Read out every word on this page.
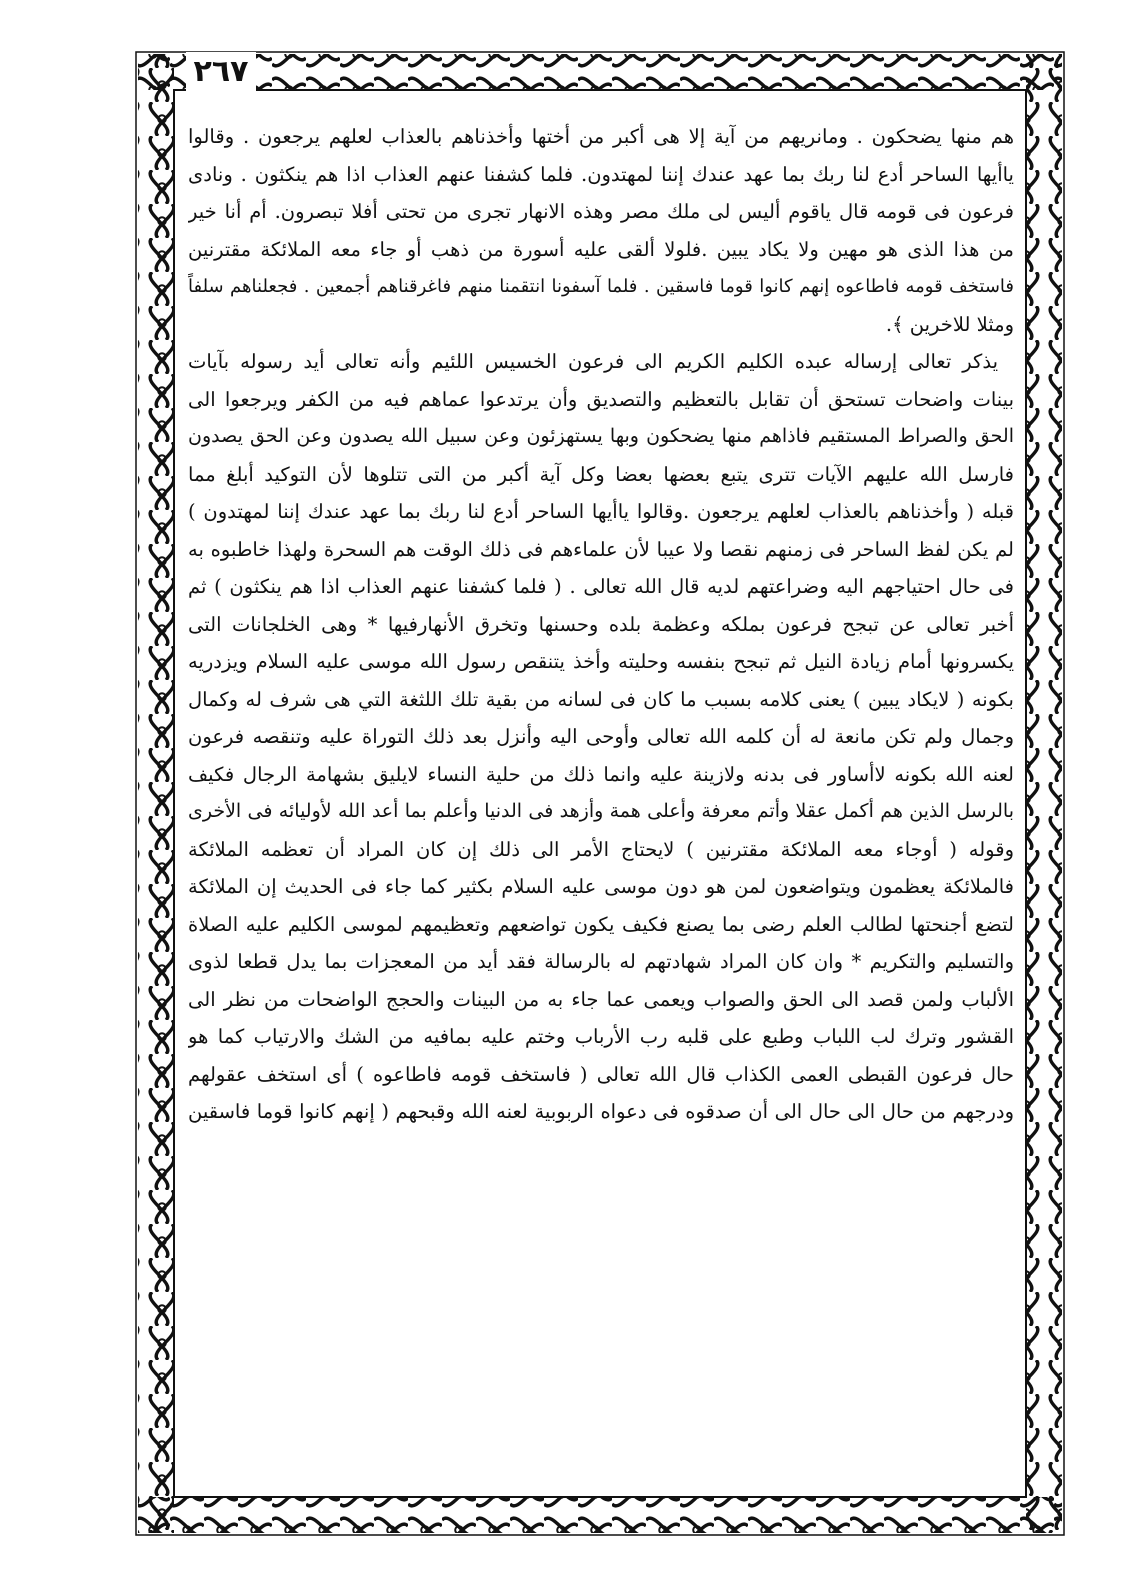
٢٦٧
هم منها يضحكون . ومانريهم من آية إلا هى أكبر من أختها وأخذناهم بالعذاب لعلهم يرجعون . وقالوا
ياأيها الساحر أدع لنا ربك بما عهد عندك إننا لمهتدون. فلما كشفنا عنهم العذاب اذا هم ينكثون . ونادى
فرعون فى قومه قال ياقوم أليس لى ملك مصر وهذه الانهار تجرى من تحتى أفلا تبصرون. أم أنا خير
من هذا الذى هو مهين ولا يكاد يبين .فلولا ألقى عليه أسورة من ذهب أو جاء معه الملائكة مقترنين
فاستخف قومه فاطاعوه إنهم كانوا قوما فاسقين . فلما آسفونا انتقمنا منهم فاغرقناهم أجمعين . فجعلناهم سلفاً
ومثلا للاخرين ﴾.
يذكر تعالى إرساله عبده الكليم الكريم الى فرعون الخسيس اللئيم وأنه تعالى أيد رسوله بآيات
بينات واضحات تستحق أن تقابل بالتعظيم والتصديق وأن يرتدعوا عماهم فيه من الكفر ويرجعوا الى
الحق والصراط المستقيم فاذاهم منها يضحكون وبها يستهزئون وعن سبيل الله يصدون وعن الحق يصدون
فارسل الله عليهم الآيات تترى يتبع بعضها بعضا وكل آية أكبر من التى تتلوها لأن التوكيد أبلغ مما
قبله ( وأخذناهم بالعذاب لعلهم يرجعون .وقالوا ياأيها الساحر أدع لنا ربك بما عهد عندك إننا لمهتدون )
لم يكن لفظ الساحر فى زمنهم نقصا ولا عيبا لأن علماءهم فى ذلك الوقت هم السحرة ولهذا خاطبوه به
فى حال احتياجهم اليه وضراعتهم لديه قال الله تعالى . ( فلما كشفنا عنهم العذاب اذا هم ينكثون ) ثم
أخبر تعالى عن تبجح فرعون بملكه وعظمة بلده وحسنها وتخرق الأنهارفيها * وهى الخلجانات التى
يكسرونها أمام زيادة النيل ثم تبجح بنفسه وحليته وأخذ يتنقص رسول الله موسى عليه السلام ويزدريه
بكونه ( لايكاد يبين ) يعنى كلامه بسبب ما كان فى لسانه من بقية تلك اللثغة التي هى شرف له وكمال
وجمال ولم تكن مانعة له أن كلمه الله تعالى وأوحى اليه وأنزل بعد ذلك التوراة عليه وتنقصه فرعون
لعنه الله بكونه لاأساور فى بدنه ولازينة عليه وانما ذلك من حلية النساء لايليق بشهامة الرجال فكيف
بالرسل الذين هم أكمل عقلا وأتم معرفة وأعلى همة وأزهد فى الدنيا وأعلم بما أعد الله لأوليائه فى الأخرى
وقوله ( أوجاء معه الملائكة مقترنين ) لايحتاج الأمر الى ذلك إن كان المراد أن تعظمه الملائكة
فالملائكة يعظمون ويتواضعون لمن هو دون موسى عليه السلام بكثير كما جاء فى الحديث إن الملائكة
لتضع أجنحتها لطالب العلم رضى بما يصنع فكيف يكون تواضعهم وتعظيمهم لموسى الكليم عليه الصلاة
والتسليم والتكريم * وان كان المراد شهادتهم له بالرسالة فقد أيد من المعجزات بما يدل قطعا لذوى
الألباب ولمن قصد الى الحق والصواب ويعمى عما جاء به من البينات والحجج الواضحات من نظر الى
القشور وترك لب اللباب وطبع على قلبه رب الأرباب وختم عليه بمافيه من الشك والارتياب كما هو
حال فرعون القبطى العمى الكذاب قال الله تعالى ( فاستخف قومه فاطاعوه ) أى استخف عقولهم
ودرجهم من حال الى حال الى أن صدقوه فى دعواه الربوبية لعنه الله وقبحهم ( إنهم كانوا قوما فاسقين
